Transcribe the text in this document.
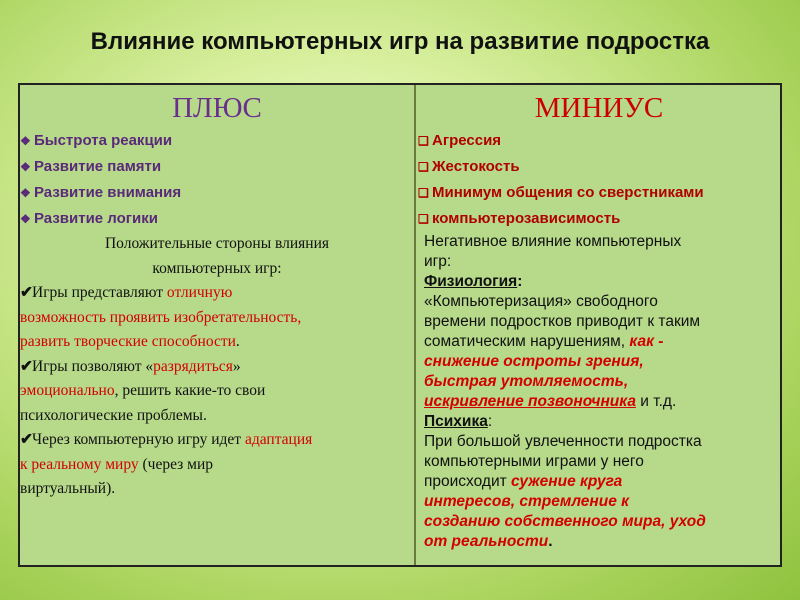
Влияние компьютерных игр на развитие подростка
ПЛЮС
❖ Быстрота реакции
❖ Развитие памяти
❖ Развитие внимания
❖ Развитие логики
Положительные стороны влияния
компьютерных игр:
✔Игры представляют отличную
возможность проявить изобретательность,
развить творческие способности.
✔Игры позволяют «разрядиться»
эмоционально, решить какие-то свои
психологические проблемы.
✔Через компьютерную игру идет адаптация
к реальному миру (через мир
виртуальный).
МИНИУС
❑ Агрессия
❑ Жестокость
❑ Минимум общения со сверстниками
❑ компьютерозависимость
Негативное влияние компьютерных
игр:
Физиология:
«Компьютеризация» свободного
времени подростков приводит к таким
соматическим нарушениям, как -
снижение остроты зрения,
быстрая утомляемость,
искривление позвоночника и т.д.
Психика:
При большой увлеченности подростка
компьютерными играми у него
происходит сужение круга
интересов, стремление к
созданию собственного мира, уход
от реальности.
